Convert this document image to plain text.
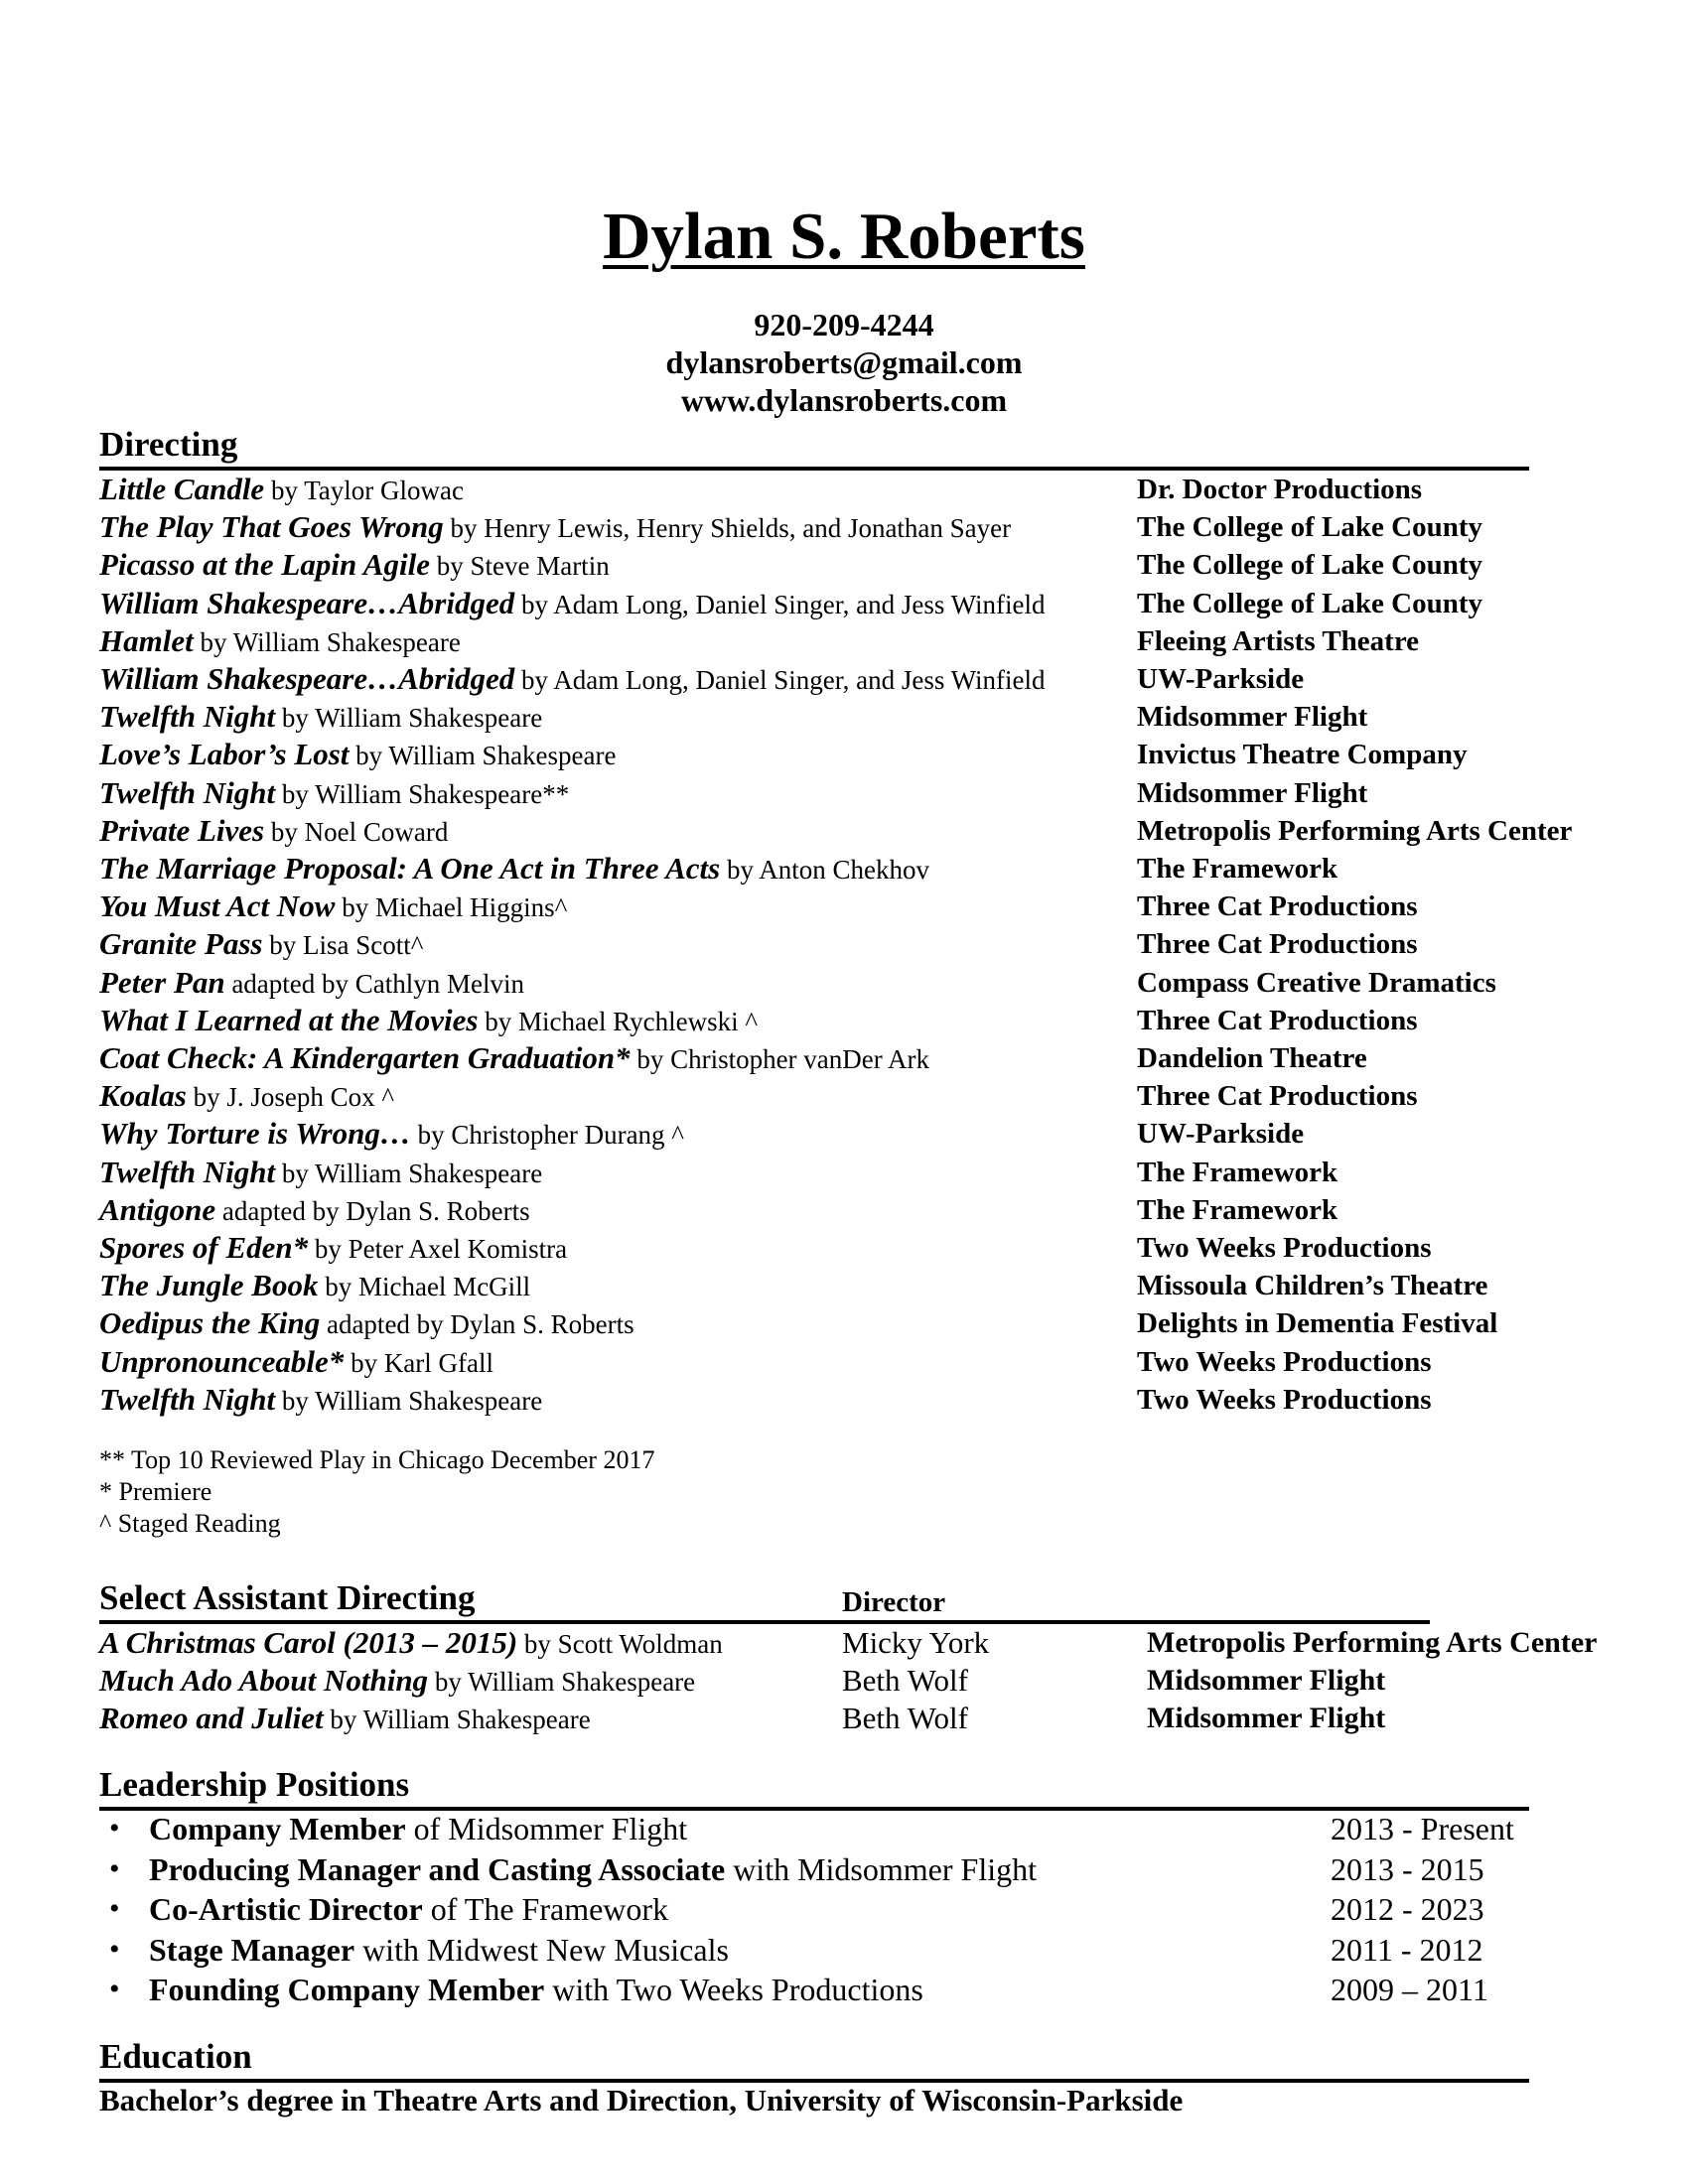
Dylan S. Roberts
920-209-4244
dylansroberts@gmail.com
www.dylansroberts.com
Directing
Little Candle by Taylor Glowac	Dr. Doctor Productions
The Play That Goes Wrong by Henry Lewis, Henry Shields, and Jonathan Sayer	The College of Lake County
Picasso at the Lapin Agile by Steve Martin	The College of Lake County
William Shakespeare…Abridged by Adam Long, Daniel Singer, and Jess Winfield	The College of Lake County
Hamlet by William Shakespeare	Fleeing Artists Theatre
William Shakespeare…Abridged by Adam Long, Daniel Singer, and Jess Winfield	UW-Parkside
Twelfth Night by William Shakespeare	Midsommer Flight
Love’s Labor’s Lost by William Shakespeare	Invictus Theatre Company
Twelfth Night by William Shakespeare**	Midsommer Flight
Private Lives by Noel Coward	Metropolis Performing Arts Center
The Marriage Proposal: A One Act in Three Acts by Anton Chekhov	The Framework
You Must Act Now by Michael Higgins^	Three Cat Productions
Granite Pass by Lisa Scott^	Three Cat Productions
Peter Pan adapted by Cathlyn Melvin	Compass Creative Dramatics
What I Learned at the Movies by Michael Rychlewski ^	Three Cat Productions
Coat Check: A Kindergarten Graduation* by Christopher vanDer Ark	Dandelion Theatre
Koalas by J. Joseph Cox ^	Three Cat Productions
Why Torture is Wrong… by Christopher Durang ^	UW-Parkside
Twelfth Night by William Shakespeare	The Framework
Antigone adapted by Dylan S. Roberts	The Framework
Spores of Eden* by Peter Axel Komistra	Two Weeks Productions
The Jungle Book by Michael McGill	Missoula Children’s Theatre
Oedipus the King adapted by Dylan S. Roberts	Delights in Dementia Festival
Unpronounceable* by Karl Gfall	Two Weeks Productions
Twelfth Night by William Shakespeare	Two Weeks Productions
** Top 10 Reviewed Play in Chicago December 2017
* Premiere
^ Staged Reading
Select Assistant Directing	Director
A Christmas Carol (2013 – 2015) by Scott Woldman	Micky York	Metropolis Performing Arts Center
Much Ado About Nothing by William Shakespeare	Beth Wolf	Midsommer Flight
Romeo and Juliet by William Shakespeare	Beth Wolf	Midsommer Flight
Leadership Positions
• Company Member of Midsommer Flight	2013 - Present
• Producing Manager and Casting Associate with Midsommer Flight	2013 - 2015
• Co-Artistic Director of The Framework	2012 - 2023
• Stage Manager with Midwest New Musicals	2011 - 2012
• Founding Company Member with Two Weeks Productions	2009 – 2011
Education
Bachelor’s degree in Theatre Arts and Direction, University of Wisconsin-Parkside
